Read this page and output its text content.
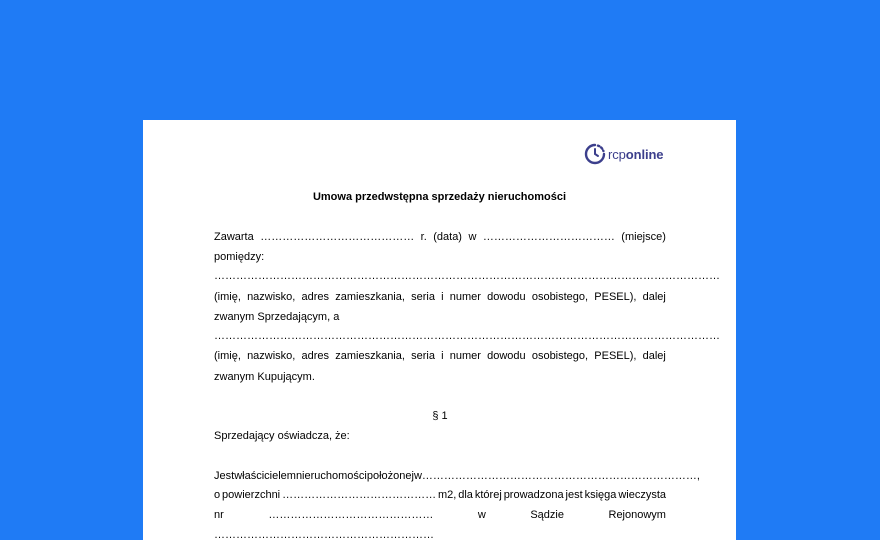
rcponline
Umowa przedwstępna sprzedaży nieruchomości
Zawarta …………………………………… r. (data) w ……………………………… (miejsce)
pomiędzy:
…………………………………………………………………………………………………………………………
(imię, nazwisko, adres zamieszkania, seria i numer dowodu osobistego, PESEL), dalej
zwanym Sprzedającym, a
…………………………………………………………………………………………………………………………
(imię, nazwisko, adres zamieszkania, seria i numer dowodu osobistego, PESEL), dalej
zwanym Kupującym.
§ 1
Sprzedający oświadcza, że:
Jest właścicielem nieruchomości położonej w …………………………………………………………………,
o powierzchni …………………………………… m2, dla której prowadzona jest księga wieczysta
nr	………………………………………	w	Sądzie	Rejonowym
……………………………………………………
